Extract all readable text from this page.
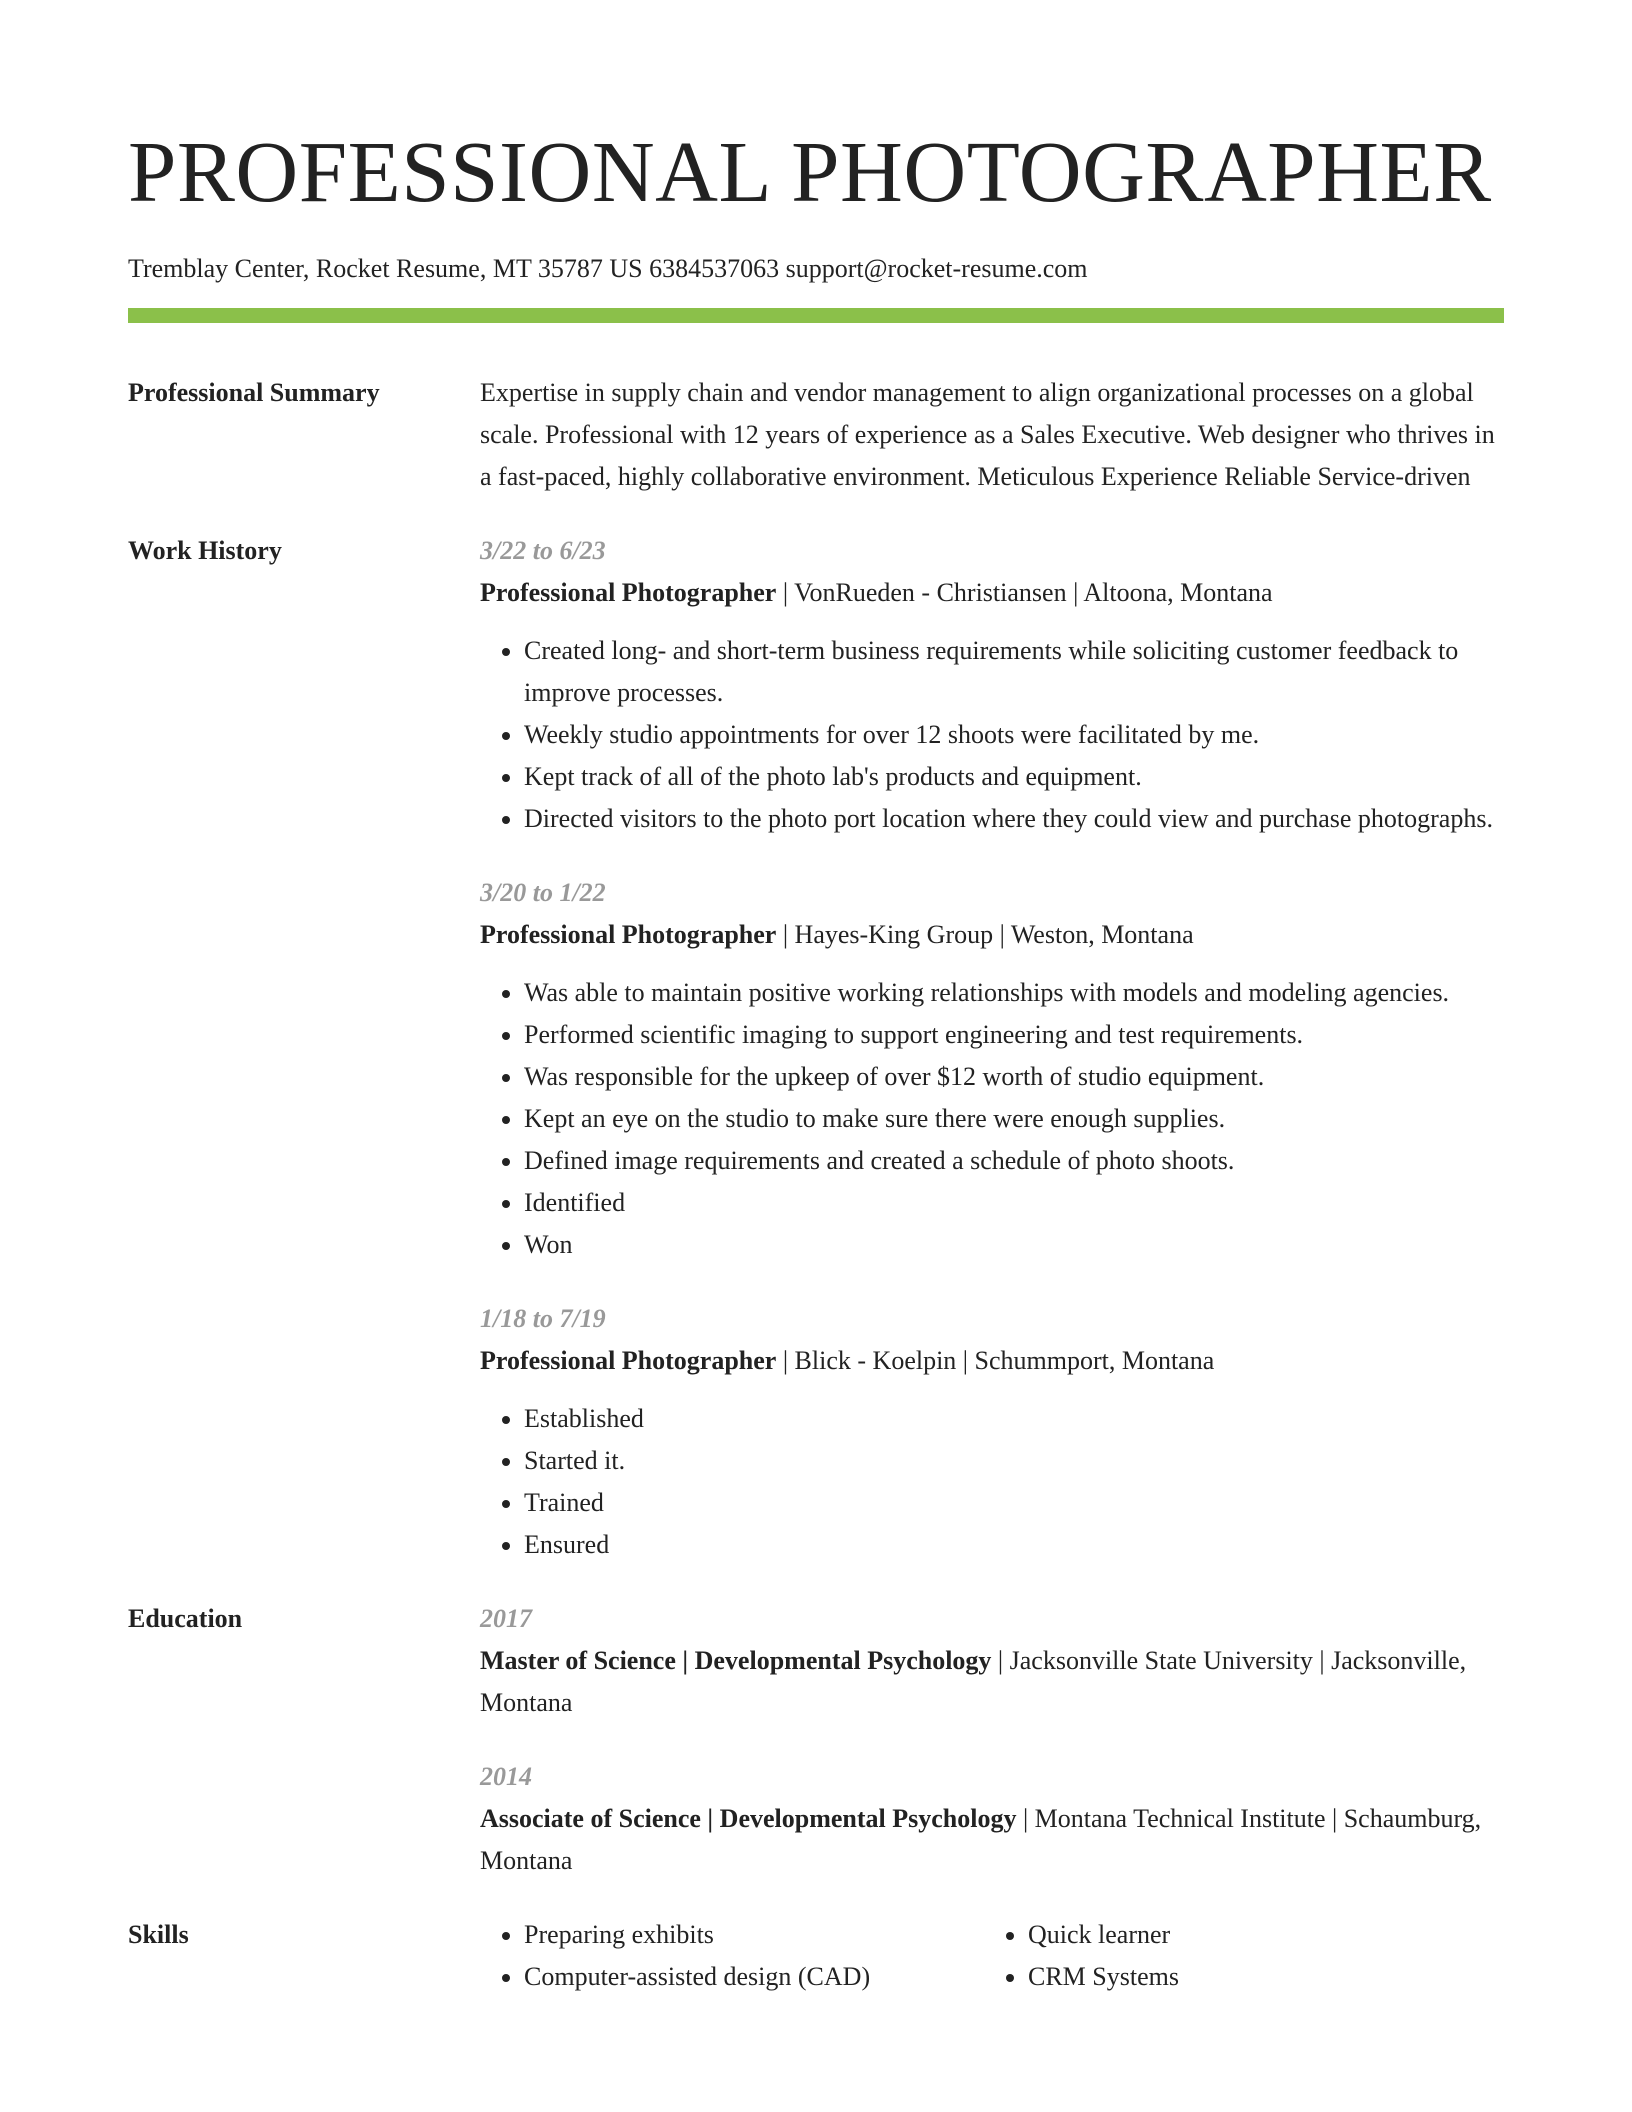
PROFESSIONAL PHOTOGRAPHER
Tremblay Center, Rocket Resume, MT 35787 US 6384537063 support@rocket-resume.com
Professional Summary	Expertise in supply chain and vendor management to align organizational processes on a global scale. Professional with 12 years of experience as a Sales Executive. Web designer who thrives in a fast-paced, highly collaborative environment. Meticulous Experience Reliable Service-driven
Work History	3/22 to 6/23
Professional Photographer | VonRueden - Christiansen | Altoona, Montana
• Created long- and short-term business requirements while soliciting customer feedback to improve processes.
• Weekly studio appointments for over 12 shoots were facilitated by me.
• Kept track of all of the photo lab's products and equipment.
• Directed visitors to the photo port location where they could view and purchase photographs.
3/20 to 1/22
Professional Photographer | Hayes-King Group | Weston, Montana
• Was able to maintain positive working relationships with models and modeling agencies.
• Performed scientific imaging to support engineering and test requirements.
• Was responsible for the upkeep of over $12 worth of studio equipment.
• Kept an eye on the studio to make sure there were enough supplies.
• Defined image requirements and created a schedule of photo shoots.
• Identified
• Won
1/18 to 7/19
Professional Photographer | Blick - Koelpin | Schummport, Montana
• Established
• Started it.
• Trained
• Ensured
Education	2017
Master of Science | Developmental Psychology | Jacksonville State University | Jacksonville, Montana
2014
Associate of Science | Developmental Psychology | Montana Technical Institute | Schaumburg, Montana
Skills
•	Preparing exhibits
• Computer-assisted design (CAD)
• Quick learner
• CRM Systems
